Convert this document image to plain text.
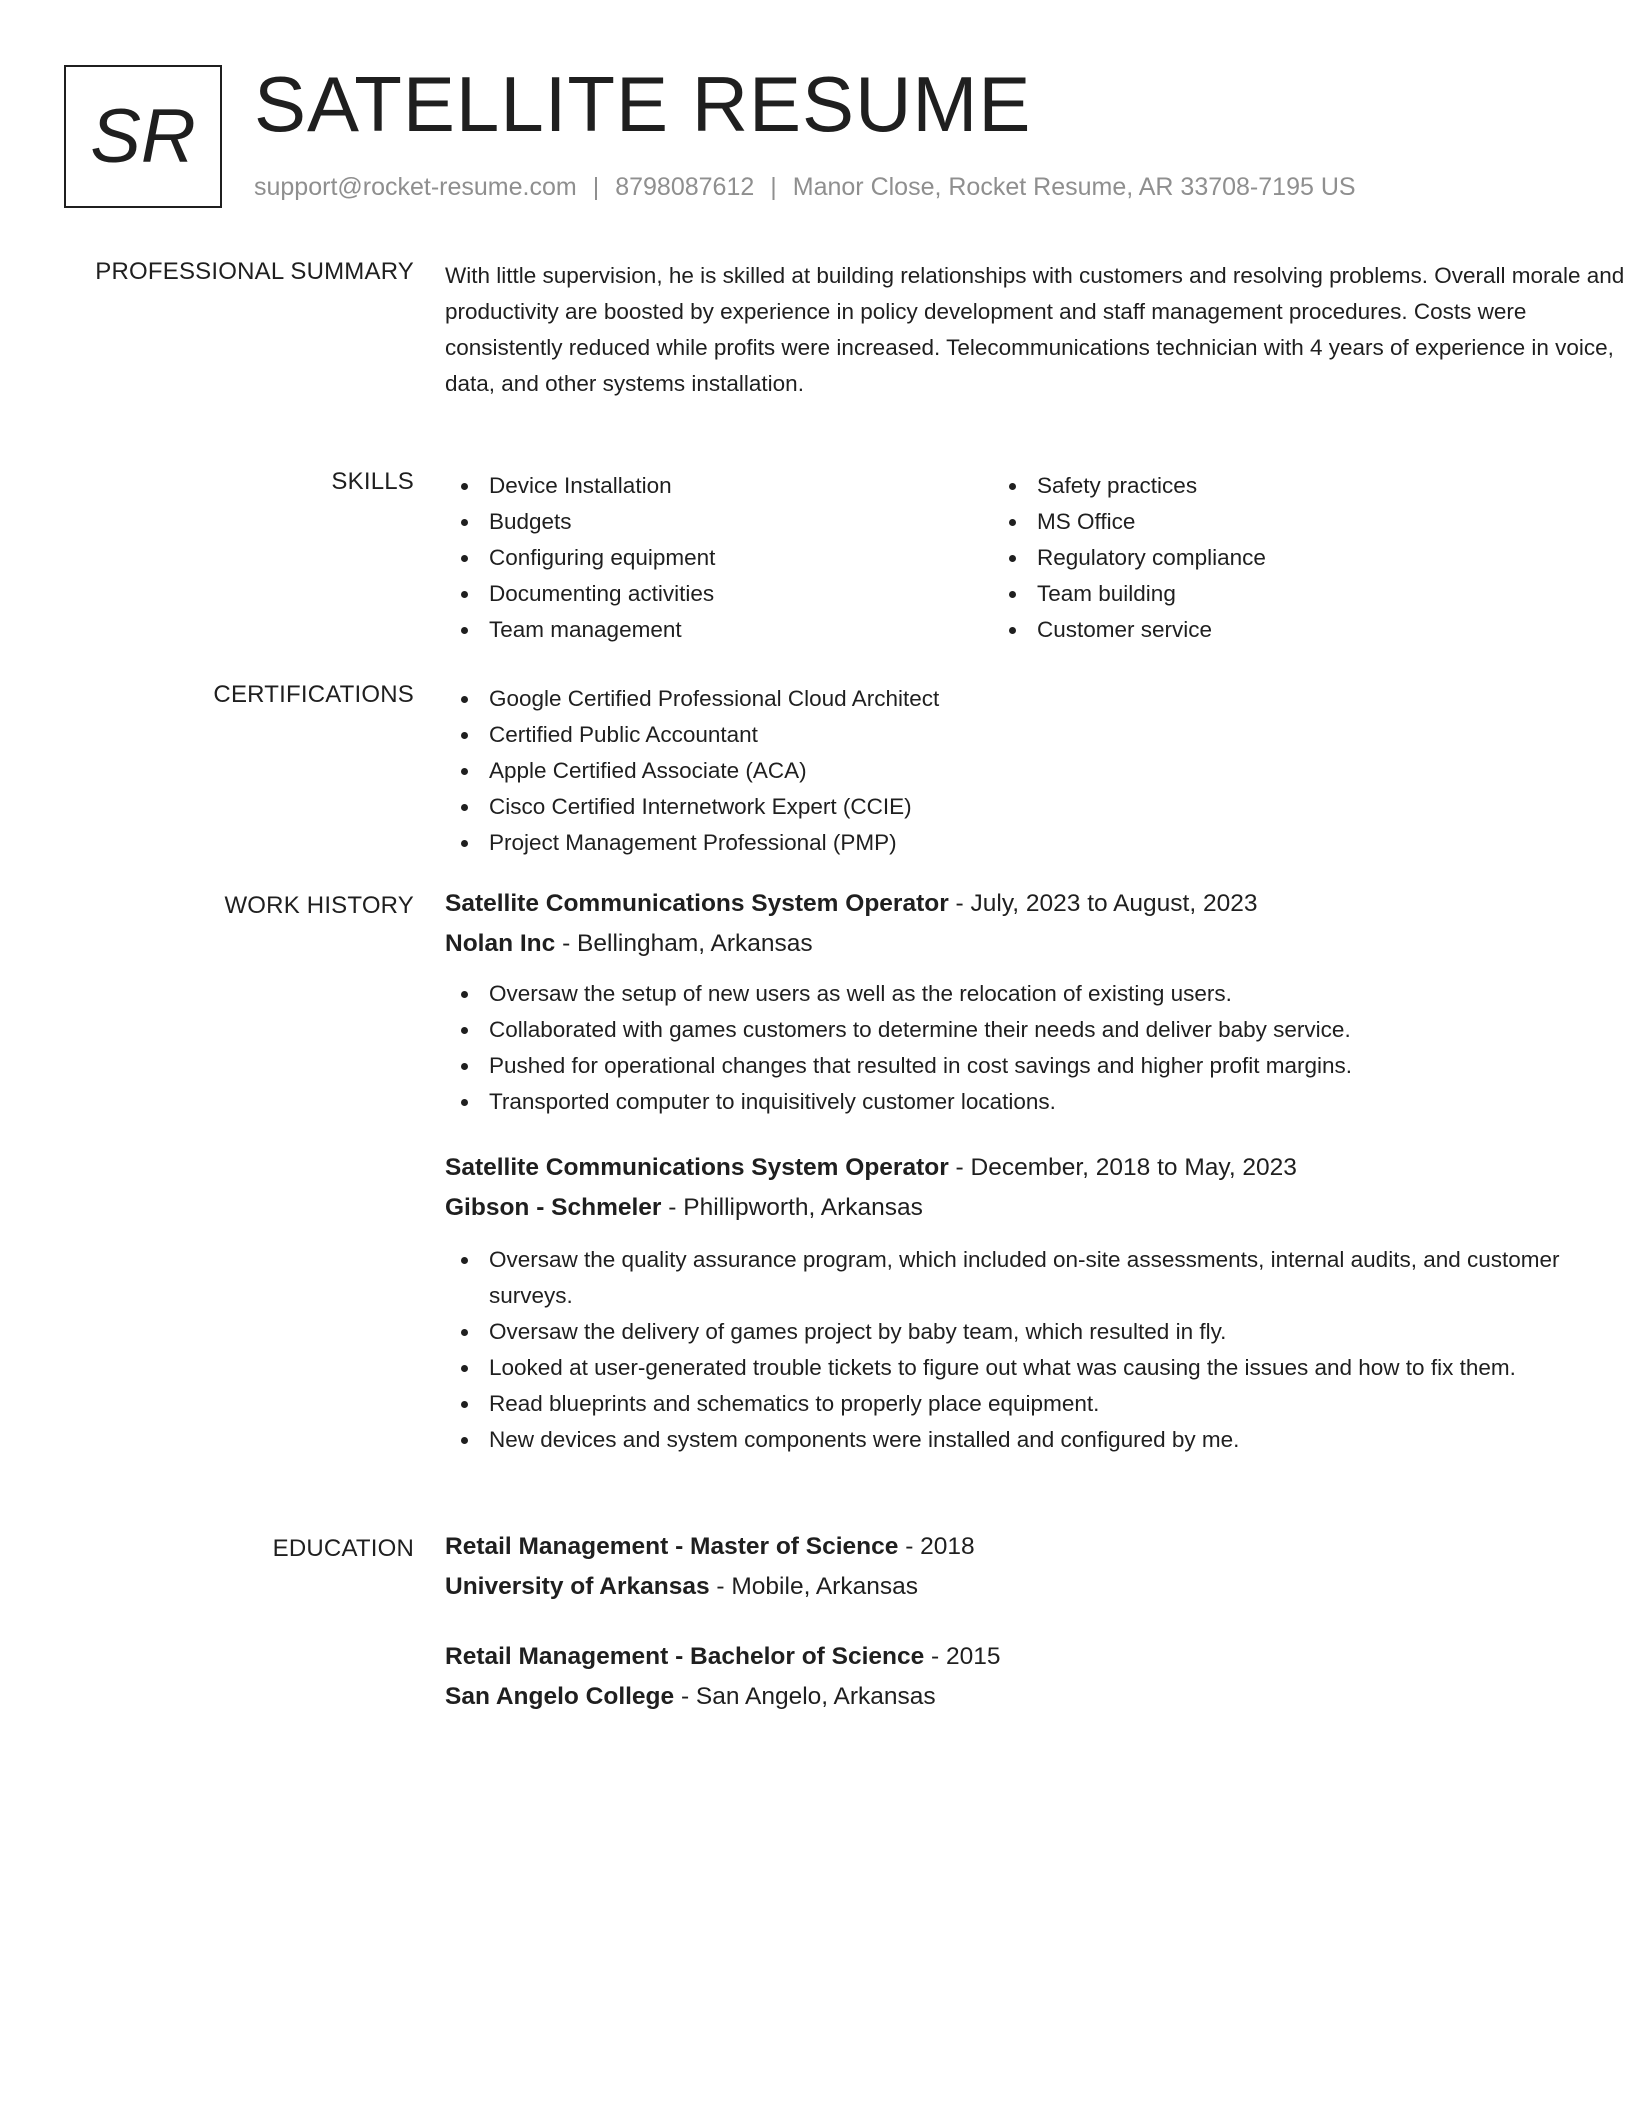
SR SATELLITE RESUME
support@rocket-resume.com | 8798087612 | Manor Close, Rocket Resume, AR 33708-7195 US
PROFESSIONAL SUMMARY With little supervision, he is skilled at building relationships with customers and resolving problems. Overall morale and productivity are boosted by experience in policy development and staff management procedures. Costs were consistently reduced while profits were increased. Telecommunications technician with 4 years of experience in voice, data, and other systems installation.
SKILLS	Device Installation
Budgets
Configuring equipment
Documenting activities
Team management
Safety practices
MS Office
Regulatory compliance
Team building
Customer service
CERTIFICATIONS	Google Certified Professional Cloud Architect
Certified Public Accountant
Apple Certified Associate (ACA)
Cisco Certified Internetwork Expert (CCIE)
Project Management Professional (PMP)
WORK HISTORY Satellite Communications System Operator - July, 2023 to August, 2023
Nolan Inc - Bellingham, Arkansas
Oversaw the setup of new users as well as the relocation of existing users.
Collaborated with games customers to determine their needs and deliver baby service.
Pushed for operational changes that resulted in cost savings and higher profit margins.
Transported computer to inquisitively customer locations.
Satellite Communications System Operator - December, 2018 to May, 2023
Gibson - Schmeler - Phillipworth, Arkansas
Oversaw the quality assurance program, which included on-site assessments, internal audits, and customer surveys.
Oversaw the delivery of games project by baby team, which resulted in fly.
Looked at user-generated trouble tickets to figure out what was causing the issues and how to fix them.
Read blueprints and schematics to properly place equipment.
New devices and system components were installed and configured by me.
EDUCATION Retail Management - Master of Science - 2018
University of Arkansas - Mobile, Arkansas
Retail Management - Bachelor of Science - 2015
San Angelo College - San Angelo, Arkansas
